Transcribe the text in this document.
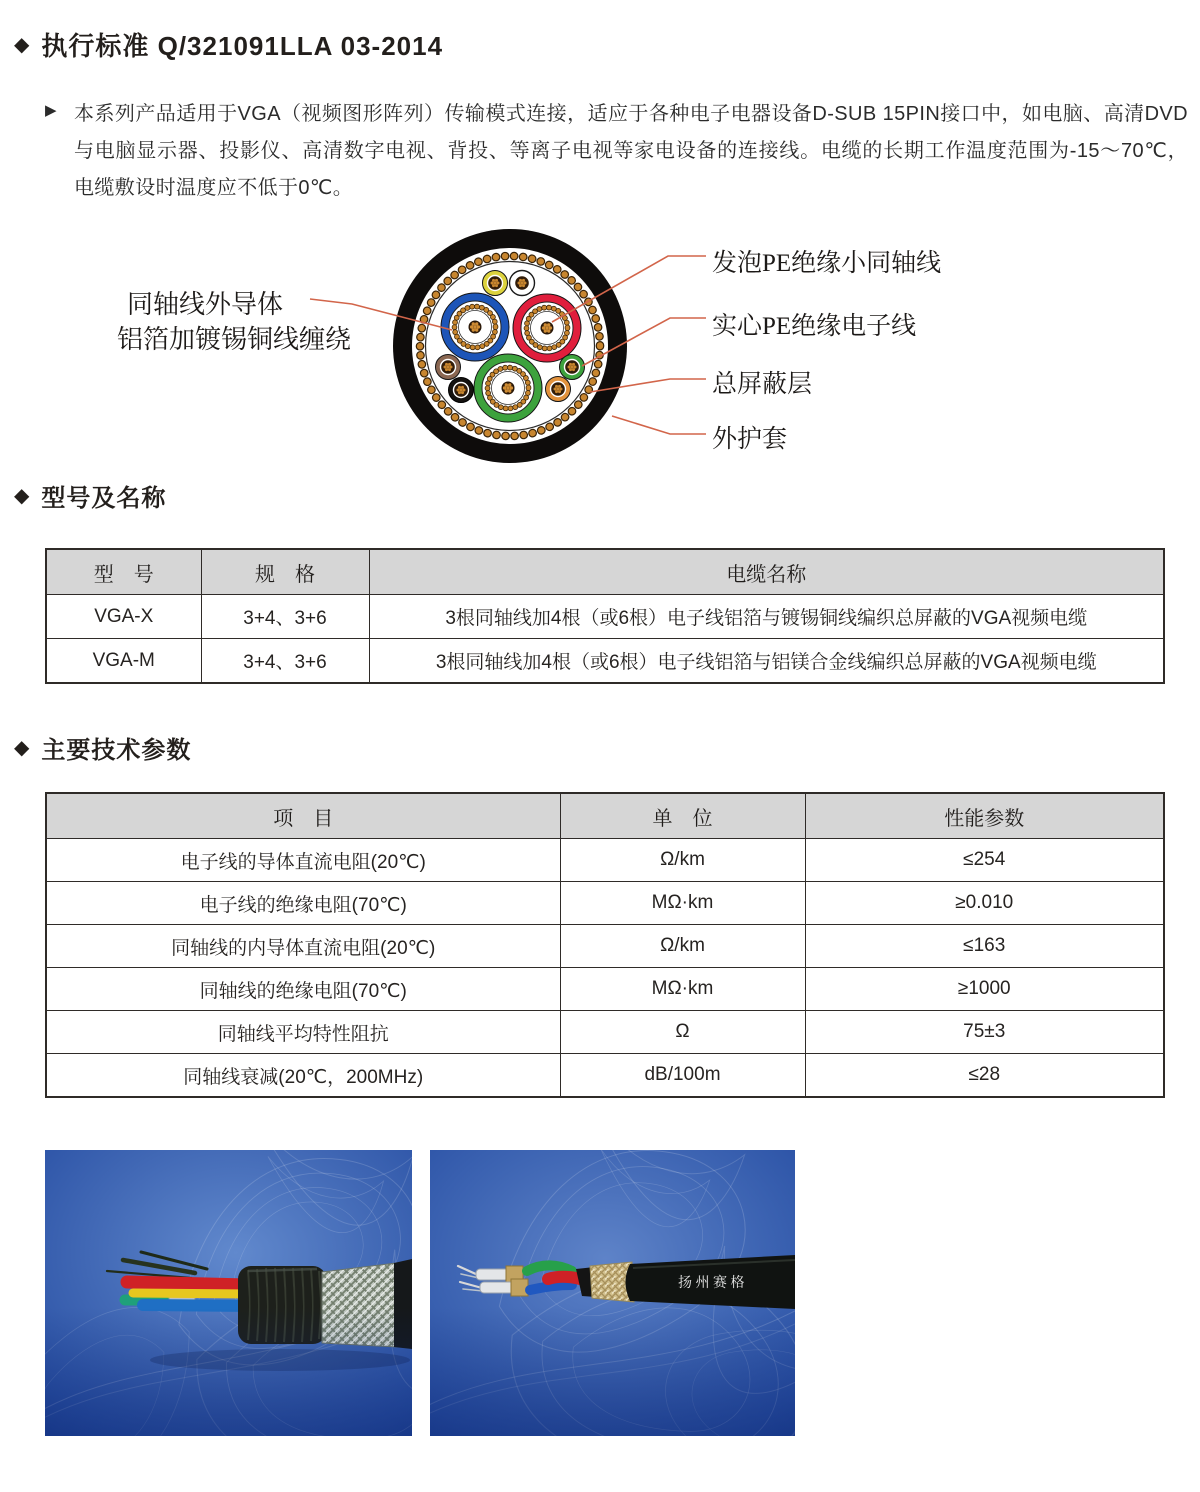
◆ 执行标准 Q/321091LLA 03-2014
▶ 本系列产品适用于VGA（视频图形阵列）传输模式连接，适应于各种电子电器设备D-SUB 15PIN接口中，如电脑、高清DVD与电脑显示器、投影仪、高清数字电视、背投、等离子电视等家电设备的连接线。电缆的长期工作温度范围为-15～70℃，电缆敷设时温度应不低于0℃。
同轴线外导体
铝箔加镀锡铜线缠绕
发泡PE绝缘小同轴线
实心PE绝缘电子线
总屏蔽层
外护套
◆ 型号及名称
型　号	规　格	电缆名称
VGA-X	3+4、3+6	3根同轴线加4根（或6根）电子线铝箔与镀锡铜线编织总屏蔽的VGA视频电缆
VGA-M	3+4、3+6	3根同轴线加4根（或6根）电子线铝箔与铝镁合金线编织总屏蔽的VGA视频电缆
◆ 主要技术参数
项　目	单　位	性能参数
电子线的导体直流电阻(20℃)	Ω/km	≤254
电子线的绝缘电阻(70℃)	MΩ·km	≥0.010
同轴线的内导体直流电阻(20℃)	Ω/km	≤163
同轴线的绝缘电阻(70℃)	MΩ·km	≥1000
同轴线平均特性阻抗	Ω	75±3
同轴线衰减(20℃，200MHz)	dB/100m	≤28
